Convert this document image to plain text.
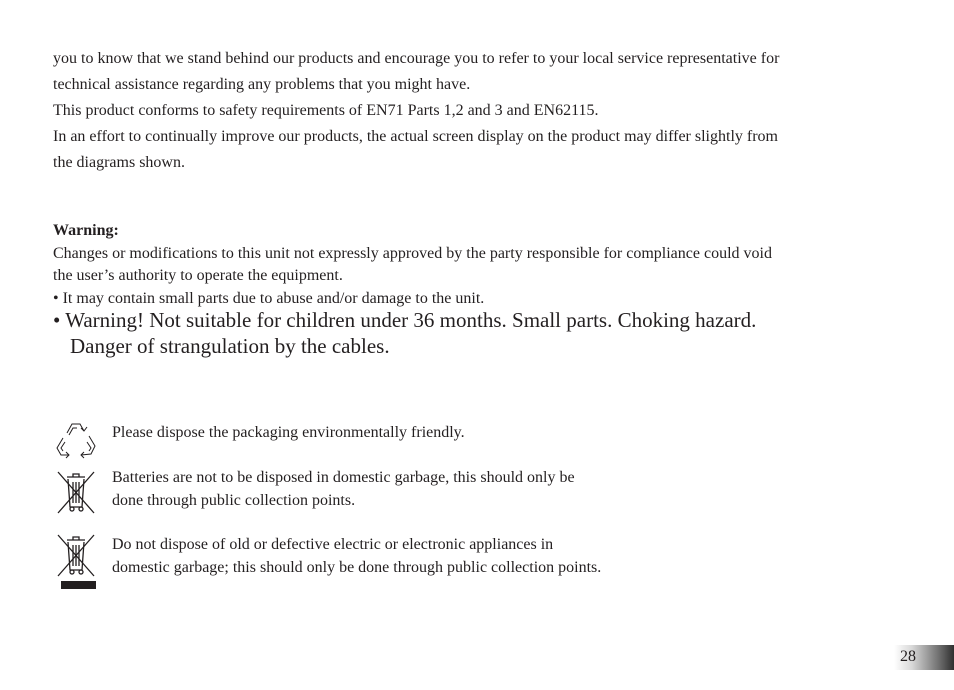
you to know that we stand behind our products and encourage you to refer to your local service representative for
technical assistance regarding any problems that you might have.

This product conforms to safety requirements of EN71 Parts 1,2 and 3 and EN62115.

In an effort to continually improve our products, the actual screen display on the product may differ slightly from
the diagrams shown.

Warning:

Changes or modifications to this unit not expressly approved by the party responsible for compliance could void
the user’s authority to operate the equipment.

• It may contain small parts due to abuse and/or damage to the unit.

• Warning! Not suitable for children under 36 months. Small parts. Choking hazard.

Danger of strangulation by the cables.

Please dispose the packaging environmentally friendly.

Batteries are not to be disposed in domestic garbage, this should only be

done through public collection points.

Do not dispose of old or defective electric or electronic appliances in

domestic garbage; this should only be done through public collection points.

28
